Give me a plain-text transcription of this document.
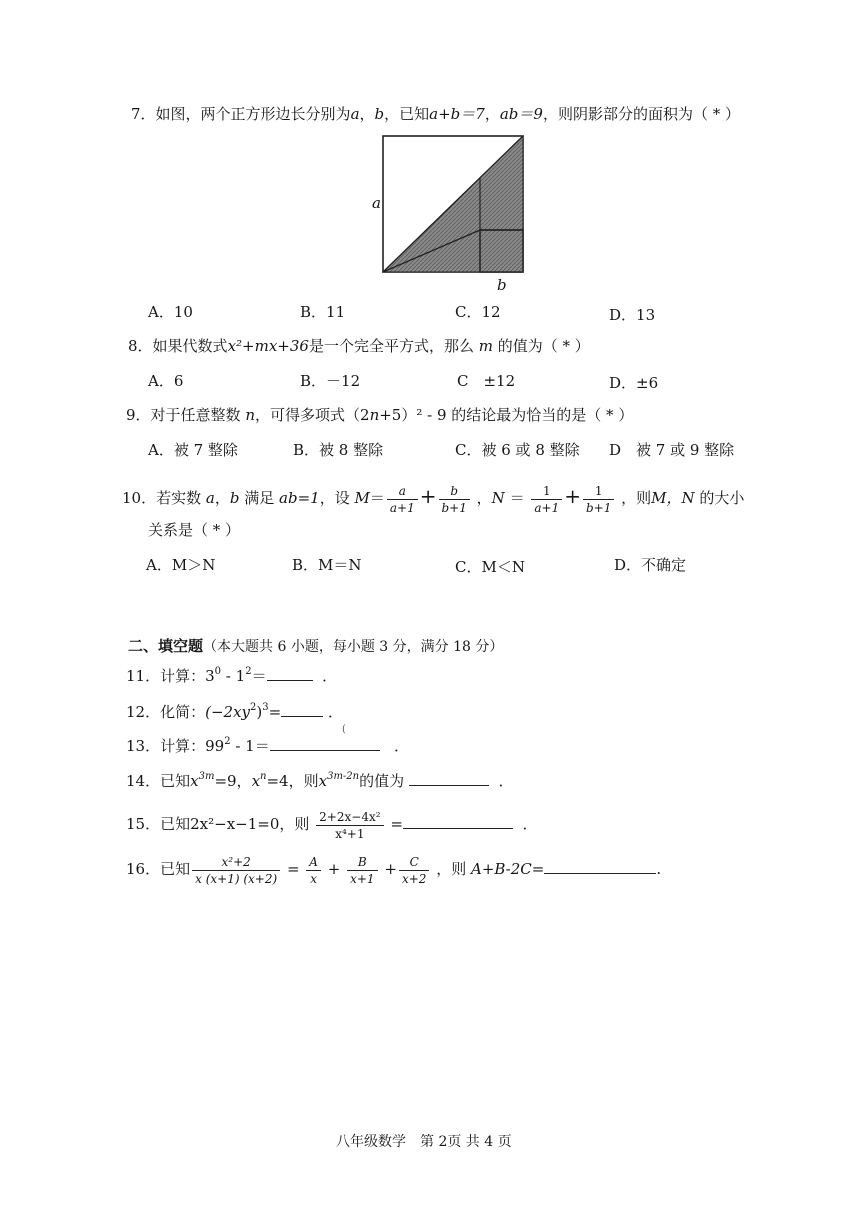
7．如图，两个正方形边长分别为a，b，已知a+b＝7，ab＝9，则阴影部分的面积为（ * ）
a
b
A．10	B．11	C．12	D．13
8．如果代数式x²+mx+36是一个完全平方式，那么 m 的值为（ * ）
A．6	B．－12	C　±12	D．±6
9．对于任意整数 n，可得多项式（2n+5）² - 9 的结论最为恰当的是（ * ）
A．被 7 整除	B．被 8 整除	C．被 6 或 8 整除 D　被 7 或 9 整除
10．若实数 a，b 满足 ab=1，设 $M= \frac{a}{a+1} + \frac{b}{b+1}$ ，$N = \frac{1}{a+1} + \frac{1}{b+1}$ ，则M，N 的大小
关系是（ * ）
A．M＞N	B．M＝N	C．M＜N	D．不确定
二、填空题（本大题共 6 小题，每小题 3 分，满分 18 分）
11．计算：$3^0 - 1^2=$	．
12．化简：$(-2xy^2)^3=$	．
13．计算：$99^2 - 1=$	．
(
14．已知$x^{3m}=9$，$x^n=4$，则$x^{3m-2n}$的值为	．
15．已知2x²−x−1=0，则 $\frac{\text{2+2x−4x²}}{\text{x⁴+1}}$ =	．
16．已知 $\frac{\text{x²+2}}{x (x+1) (x+2)} = \frac{A}{x} + \frac{B}{x+1} + \frac{C}{x+2}$ ，则 A+B-2C=	.
八年级数学　第 2页 共 4 页
